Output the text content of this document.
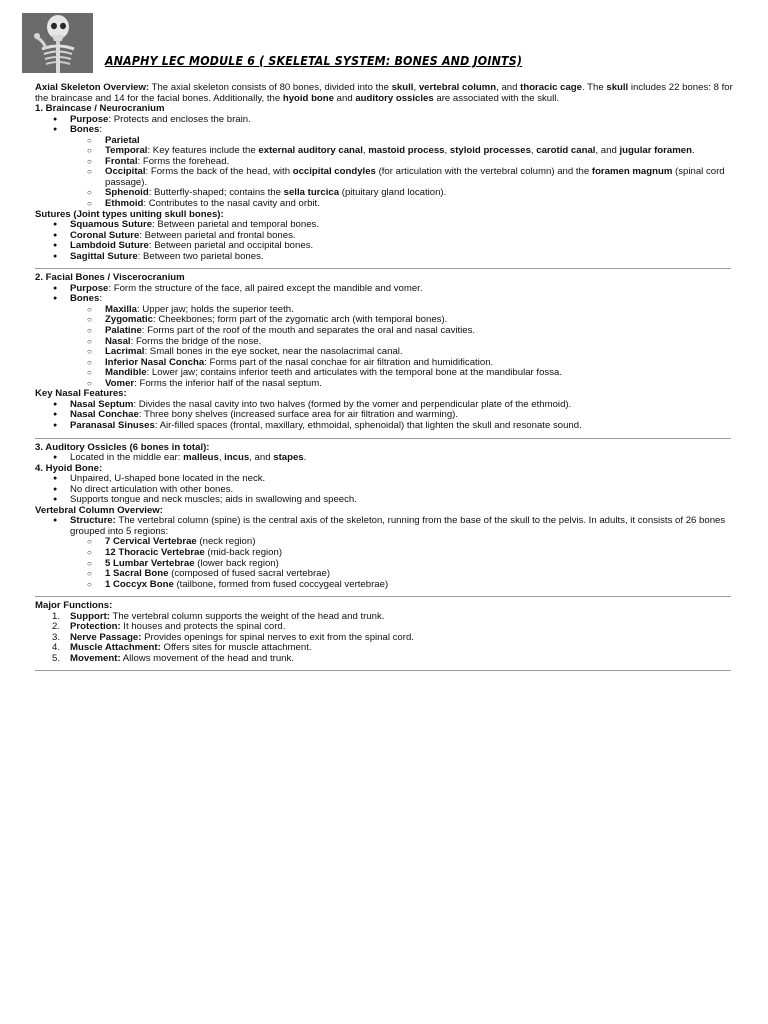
ANAPHY LEC MODULE 6 ( SKELETAL SYSTEM: BONES AND JOINTS)

Axial Skeleton Overview: The axial skeleton consists of 80 bones, divided into the skull, vertebral column, and thoracic cage. The skull includes 22 bones: 8 for the braincase and 14 for the facial bones. Additionally, the hyoid bone and auditory ossicles are associated with the skull.

1. Braincase / Neurocranium

● Purpose: Protects and encloses the brain.
● Bones:
○ Parietal
○ Temporal: Key features include the external auditory canal, mastoid process, styloid processes, carotid canal, and jugular foramen.
○ Frontal: Forms the forehead.
○ Occipital: Forms the back of the head, with occipital condyles (for articulation with the vertebral column) and the foramen magnum (spinal cord passage).
○ Sphenoid: Butterfly-shaped; contains the sella turcica (pituitary gland location).
○ Ethmoid: Contributes to the nasal cavity and orbit.

Sutures (Joint types uniting skull bones):

● Squamous Suture: Between parietal and temporal bones.
● Coronal Suture: Between parietal and frontal bones.
● Lambdoid Suture: Between parietal and occipital bones.
● Sagittal Suture: Between two parietal bones.

2. Facial Bones / Viscerocranium

● Purpose: Form the structure of the face, all paired except the mandible and vomer.
● Bones:
○ Maxilla: Upper jaw; holds the superior teeth.
○ Zygomatic: Cheekbones; form part of the zygomatic arch (with temporal bones).
○ Palatine: Forms part of the roof of the mouth and separates the oral and nasal cavities.
○ Nasal: Forms the bridge of the nose.
○ Lacrimal: Small bones in the eye socket, near the nasolacrimal canal.
○ Inferior Nasal Concha: Forms part of the nasal conchae for air filtration and humidification.
○ Mandible: Lower jaw; contains inferior teeth and articulates with the temporal bone at the mandibular fossa.
○ Vomer: Forms the inferior half of the nasal septum.

Key Nasal Features:

● Nasal Septum: Divides the nasal cavity into two halves (formed by the vomer and perpendicular plate of the ethmoid).
● Nasal Conchae: Three bony shelves (increased surface area for air filtration and warming).
● Paranasal Sinuses: Air-filled spaces (frontal, maxillary, ethmoidal, sphenoidal) that lighten the skull and resonate sound.

3. Auditory Ossicles (6 bones in total):

● Located in the middle ear: malleus, incus, and stapes.

4. Hyoid Bone:

● Unpaired, U-shaped bone located in the neck.
● No direct articulation with other bones.
● Supports tongue and neck muscles; aids in swallowing and speech.

Vertebral Column Overview:

● Structure: The vertebral column (spine) is the central axis of the skeleton, running from the base of the skull to the pelvis. In adults, it consists of 26 bones grouped into 5 regions:
○ 7 Cervical Vertebrae (neck region)
○ 12 Thoracic Vertebrae (mid-back region)
○ 5 Lumbar Vertebrae (lower back region)
○ 1 Sacral Bone (composed of fused sacral vertebrae)
○ 1 Coccyx Bone (tailbone, formed from fused coccygeal vertebrae)

Major Functions:

1. Support: The vertebral column supports the weight of the head and trunk.
2. Protection: It houses and protects the spinal cord.
3. Nerve Passage: Provides openings for spinal nerves to exit from the spinal cord.
4. Muscle Attachment: Offers sites for muscle attachment.
5. Movement: Allows movement of the head and trunk.
